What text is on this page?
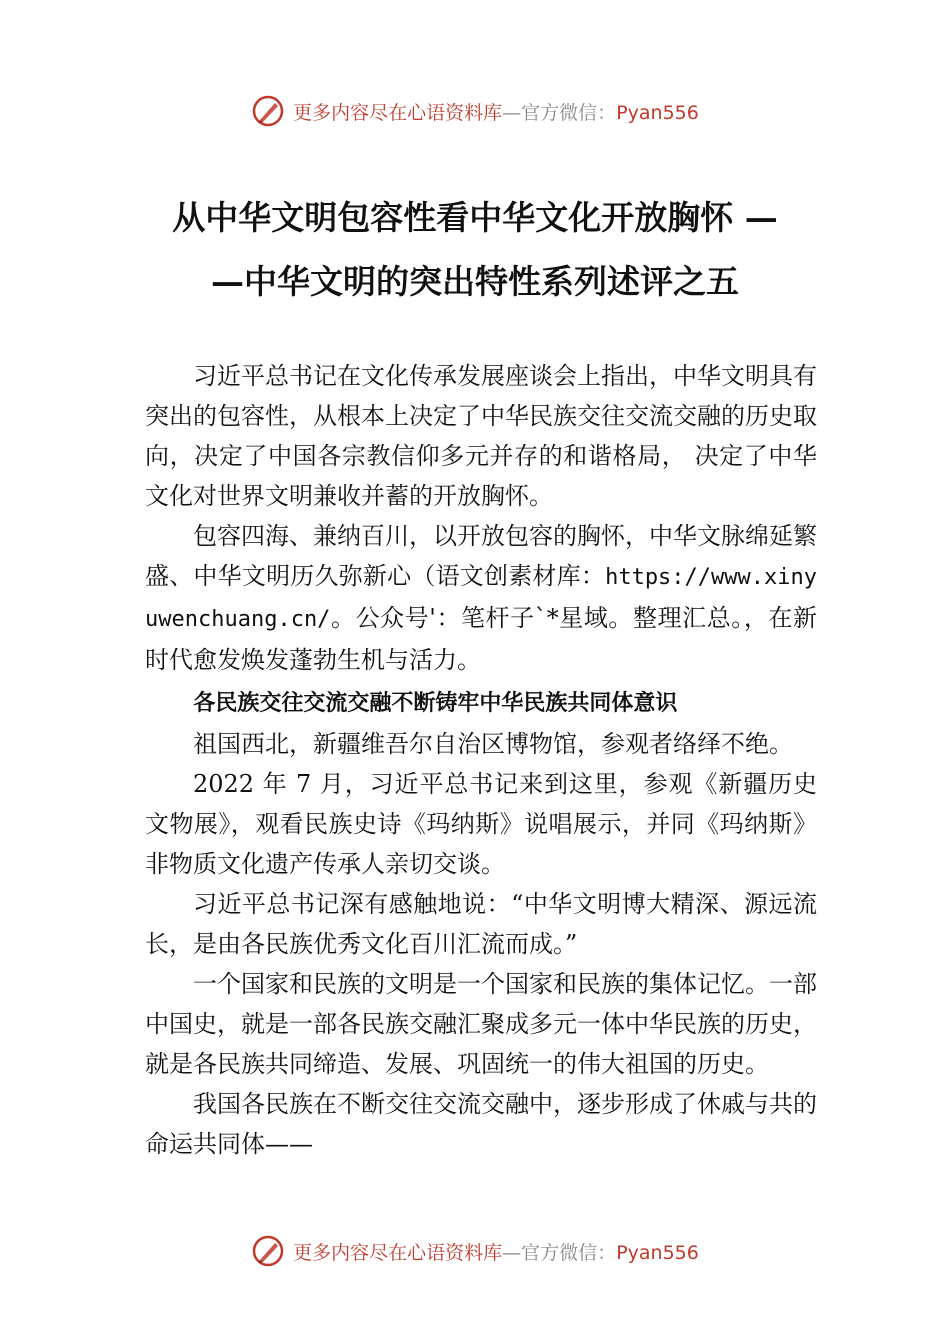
更多内容尽在心语资料库—官方微信：Pyan556
从中华文明包容性看中华文化开放胸怀 —
—中华文明的突出特性系列述评之五

习近平总书记在文化传承发展座谈会上指出，中华文明具有突出的包容性，从根本上决定了中华民族交往交流交融的历史取向，决定了中国各宗教信仰多元并存的和谐格局， 决定了中华文化对世界文明兼收并蓄的开放胸怀。

包容四海、兼纳百川，以开放包容的胸怀，中华文脉绵延繁盛、中华文明历久弥新心（语文创素材库：https://www.xinyuwenchuang.cn/。公众号'：笔杆子`*星域。整理汇总。，在新时代愈发焕发蓬勃生机与活力。

各民族交往交流交融不断铸牢中华民族共同体意识

祖国西北，新疆维吾尔自治区博物馆，参观者络绎不绝。

2022 年 7 月，习近平总书记来到这里，参观《新疆历史文物展》，观看民族史诗《玛纳斯》说唱展示，并同《玛纳斯》非物质文化遗产传承人亲切交谈。

习近平总书记深有感触地说：“中华文明博大精深、源远流长，是由各民族优秀文化百川汇流而成。”

一个国家和民族的文明是一个国家和民族的集体记忆。一部中国史，就是一部各民族交融汇聚成多元一体中华民族的历史，就是各民族共同缔造、发展、巩固统一的伟大祖国的历史。

我国各民族在不断交往交流交融中，逐步形成了休戚与共的命运共同体——

更多内容尽在心语资料库—官方微信：Pyan556
